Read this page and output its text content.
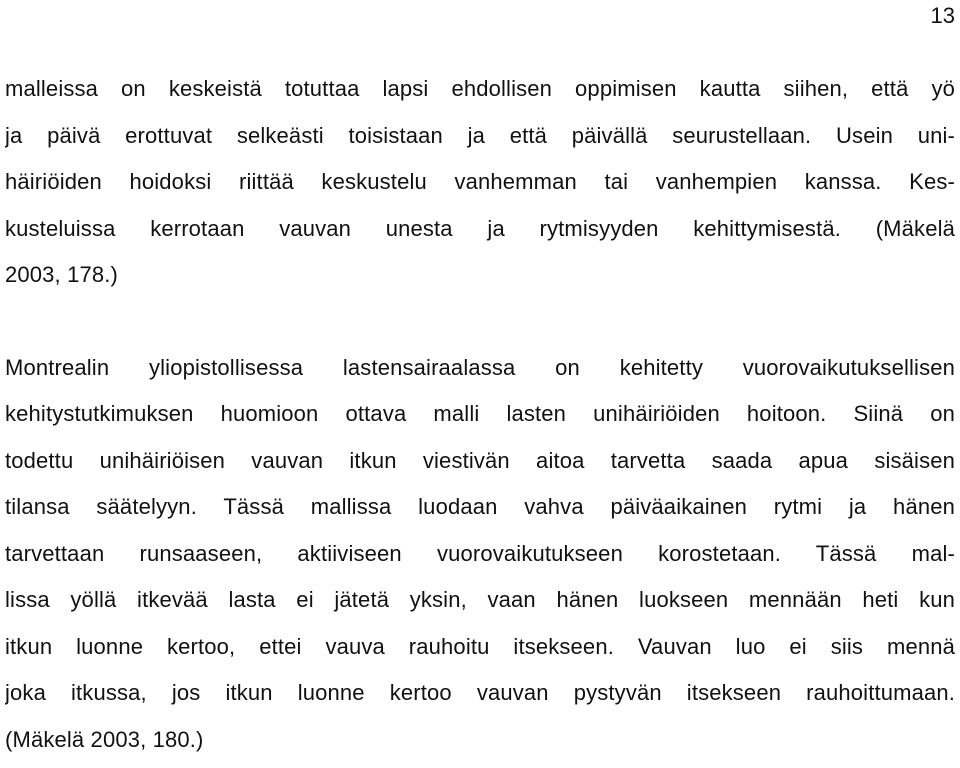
13
malleissa on keskeistä totuttaa lapsi ehdollisen oppimisen kautta siihen, että yö
ja päivä erottuvat selkeästi toisistaan ja että päivällä seurustellaan. Usein uni-
häiriöiden hoidoksi riittää keskustelu vanhemman tai vanhempien kanssa. Kes-
kusteluissa kerrotaan vauvan unesta ja rytmisyyden kehittymisestä. (Mäkelä
2003, 178.)
Montrealin yliopistollisessa lastensairaalassa on kehitetty vuorovaikutuksellisen
kehitystutkimuksen huomioon ottava malli lasten unihäiriöiden hoitoon. Siinä on
todettu unihäiriöisen vauvan itkun viestivän aitoa tarvetta saada apua sisäisen
tilansa säätelyyn. Tässä mallissa luodaan vahva päiväaikainen rytmi ja hänen
tarvettaan runsaaseen, aktiiviseen vuorovaikutukseen korostetaan. Tässä mal-
lissa yöllä itkevää lasta ei jätetä yksin, vaan hänen luokseen mennään heti kun
itkun luonne kertoo, ettei vauva rauhoitu itsekseen. Vauvan luo ei siis mennä
joka itkussa, jos itkun luonne kertoo vauvan pystyvän itsekseen rauhoittumaan.
(Mäkelä 2003, 180.)
